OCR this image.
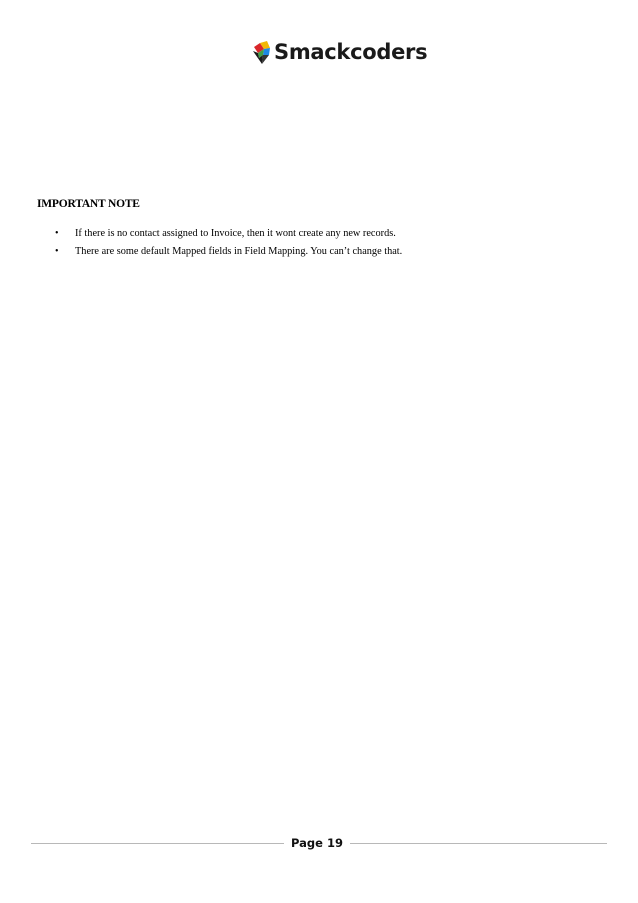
Smackcoders
IMPORTANT NOTE
• If there is no contact assigned to Invoice, then it wont create any new records.
• There are some default Mapped fields in Field Mapping. You can’t change that.
Page 19
